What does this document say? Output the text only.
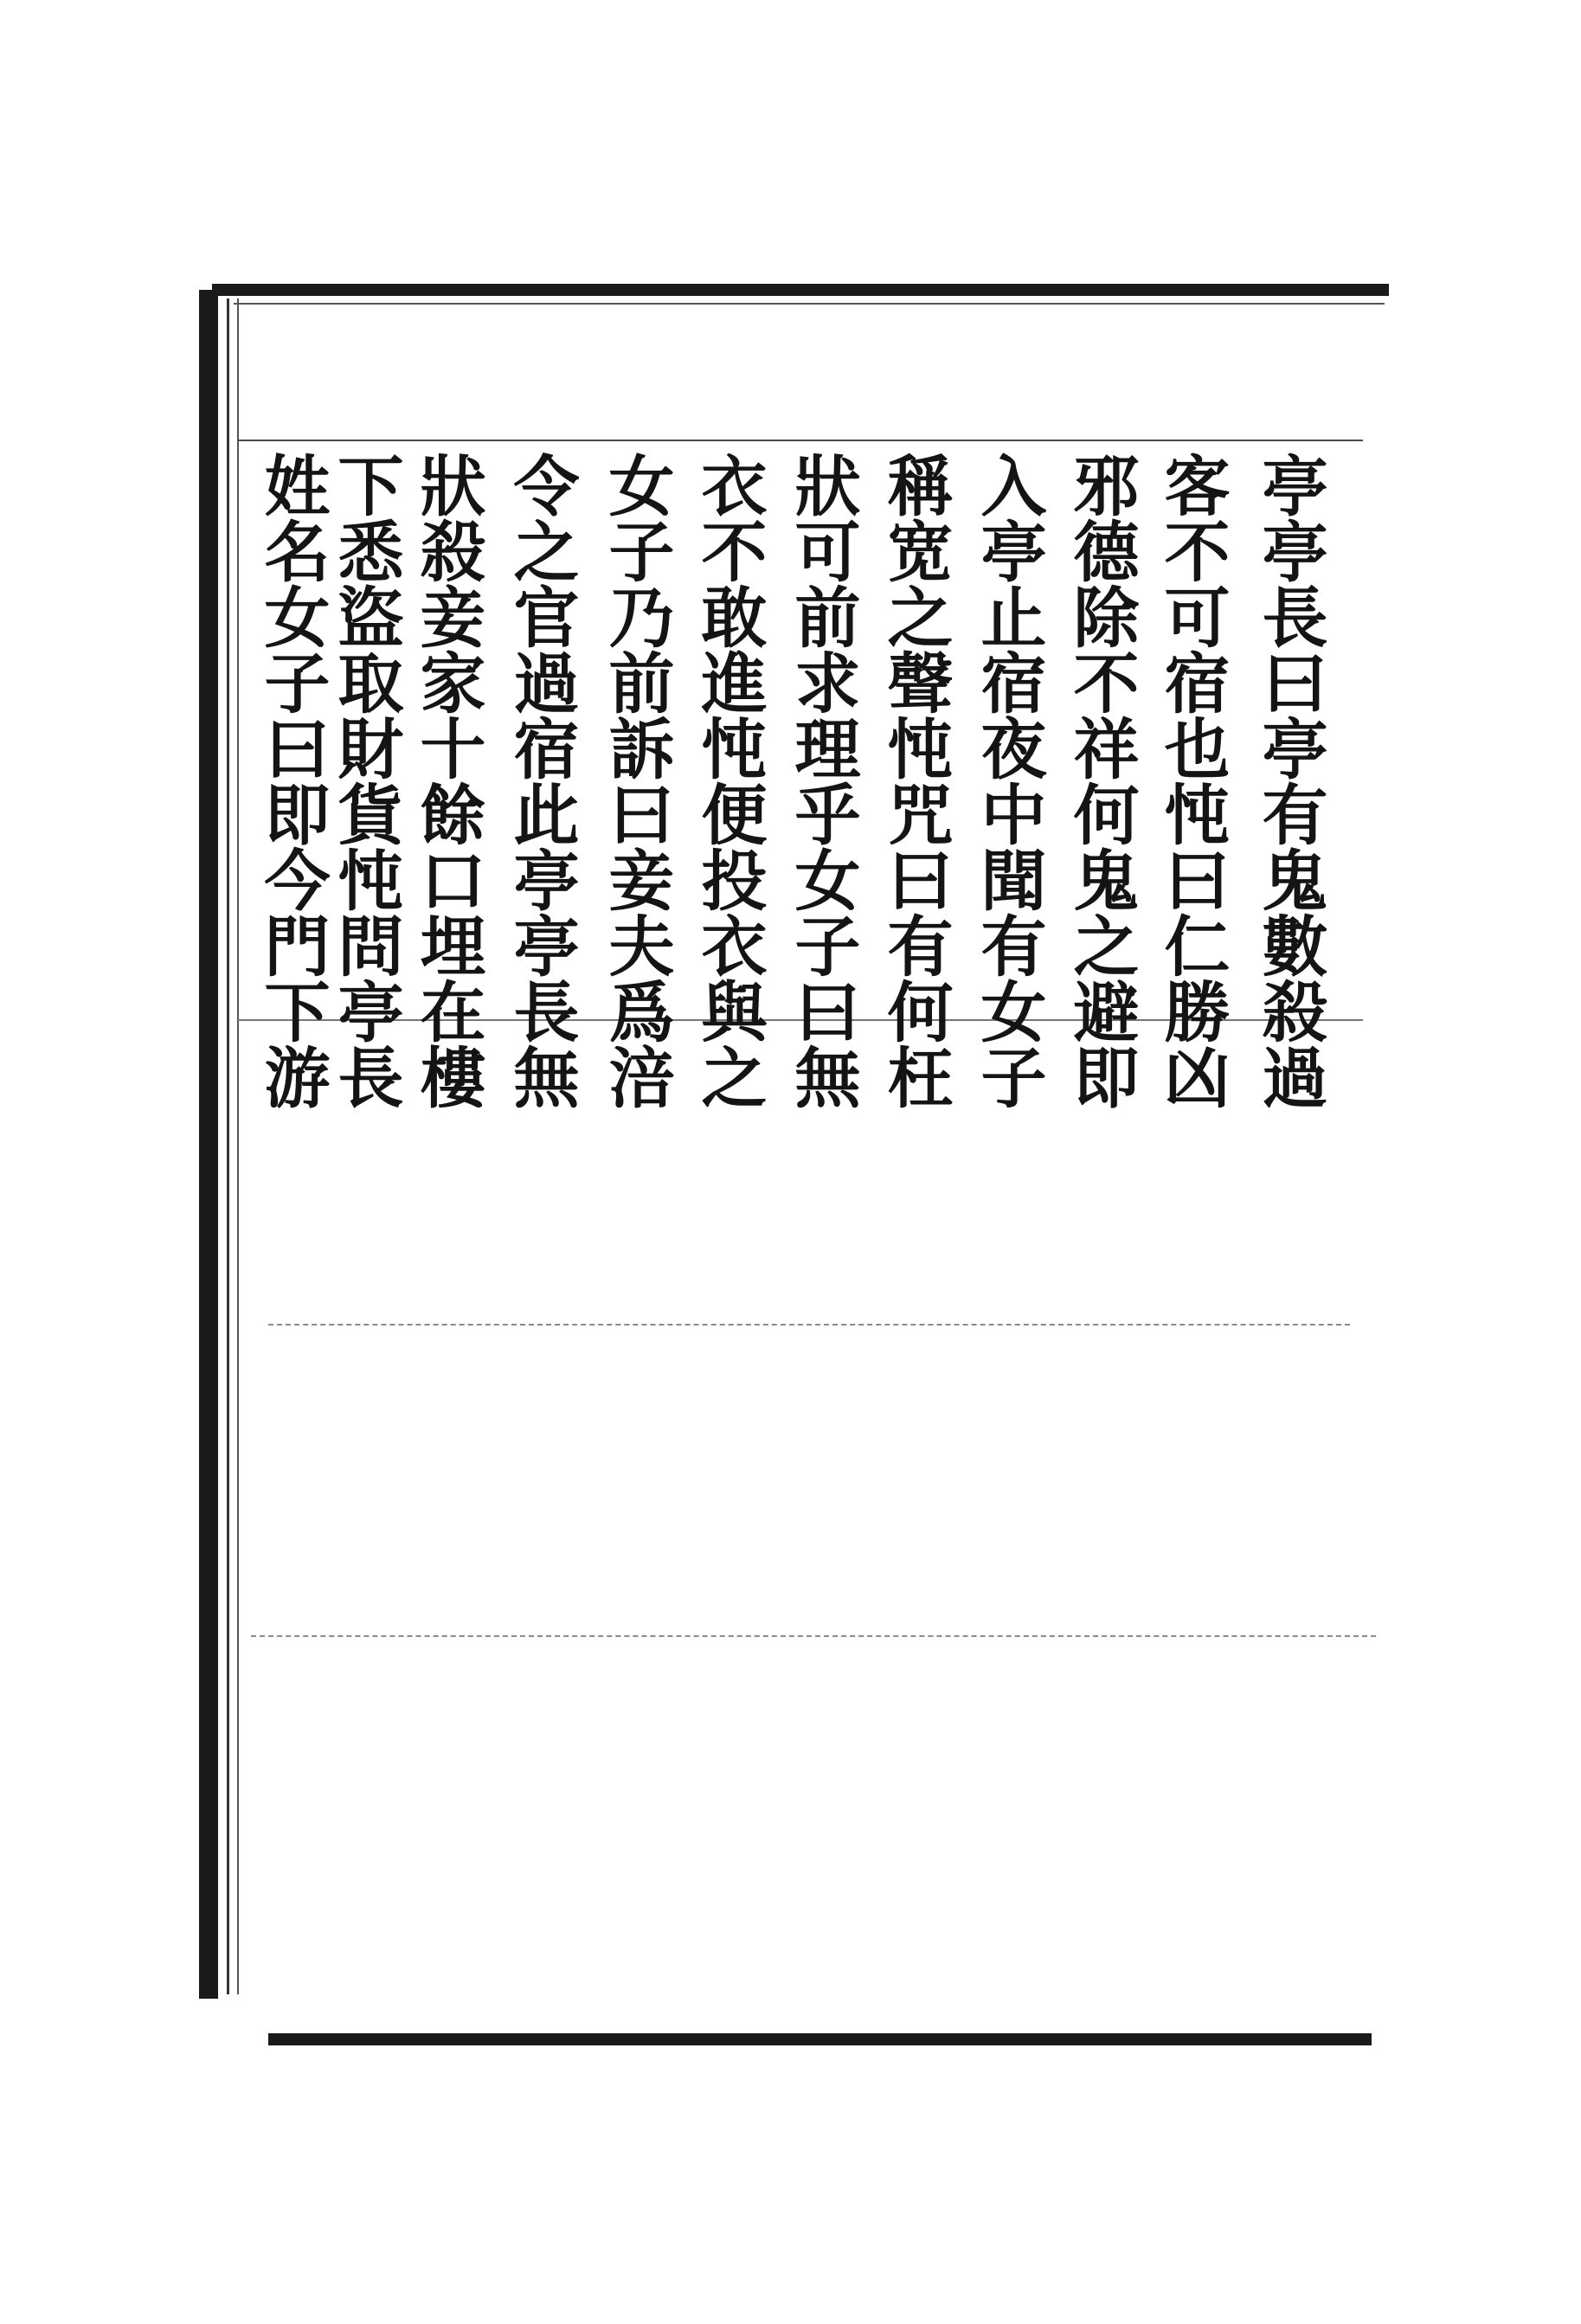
亭亭長曰亭有鬼數殺過
客不可宿也忳曰仁勝凶
邪德除不祥何鬼之避即
入亭止宿夜中聞有女子
稱宽之聲忳咒曰有何枉
狀可前求理乎女子曰無
衣不敢進忳便投衣與之
女子乃前訴曰妾夫爲涪
令之官過宿此亭亭長無
狀殺妾家十餘口埋在樓
下悉盜取財貨忳問亭長
姓名女子曰即今門下游
